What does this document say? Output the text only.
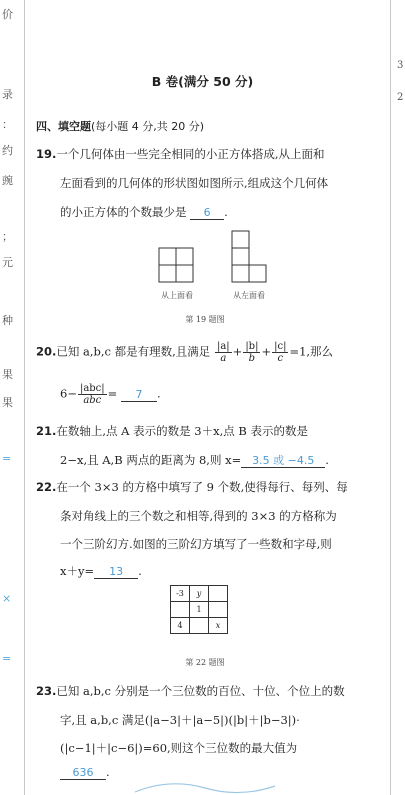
价
录
：
约
豌
；
元
种
果
果
=
×
=
3
2
B 卷(满分 50 分)
四、填空题(每小题 4 分,共 20 分)
19.一个几何体由一些完全相同的小正方体搭成,从上面和
左面看到的几何体的形状图如图所示,组成这个几何体
的小正方体的个数最少是 6 .
从上面看	从左面看
第 19 题图
20.已知 a,b,c 都是有理数,且满足 $\frac{|a|}{a} + \frac{|b|}{b} + \frac{|c|}{c} =1$,那么
$6- \frac{\text{|abc|}}{\text{abc}} = 7$ .
21.在数轴上,点 A 表示的数是 3＋x,点 B 表示的数是
2−x,且 A,B 两点的距离为 8,则 x= 3.5 或 −4.5 .
22.在一个 3×3 的方格中填写了 9 个数,使得每行、每列、每
条对角线上的三个数之和相等,得到的 3×3 的方格称为
一个三阶幻方.如图的三阶幻方填写了一些数和字母,则
x＋y= 13 .
-3	y	
	1	
4		x
第 22 题图
23.已知 a,b,c 分别是一个三位数的百位、十位、个位上的数
字,且 a,b,c 满足(|a−3|＋|a−5|)(|b|＋|b−3|)·
(|c−1|＋|c−6|)=60,则这个三位数的最大值为
636 .
